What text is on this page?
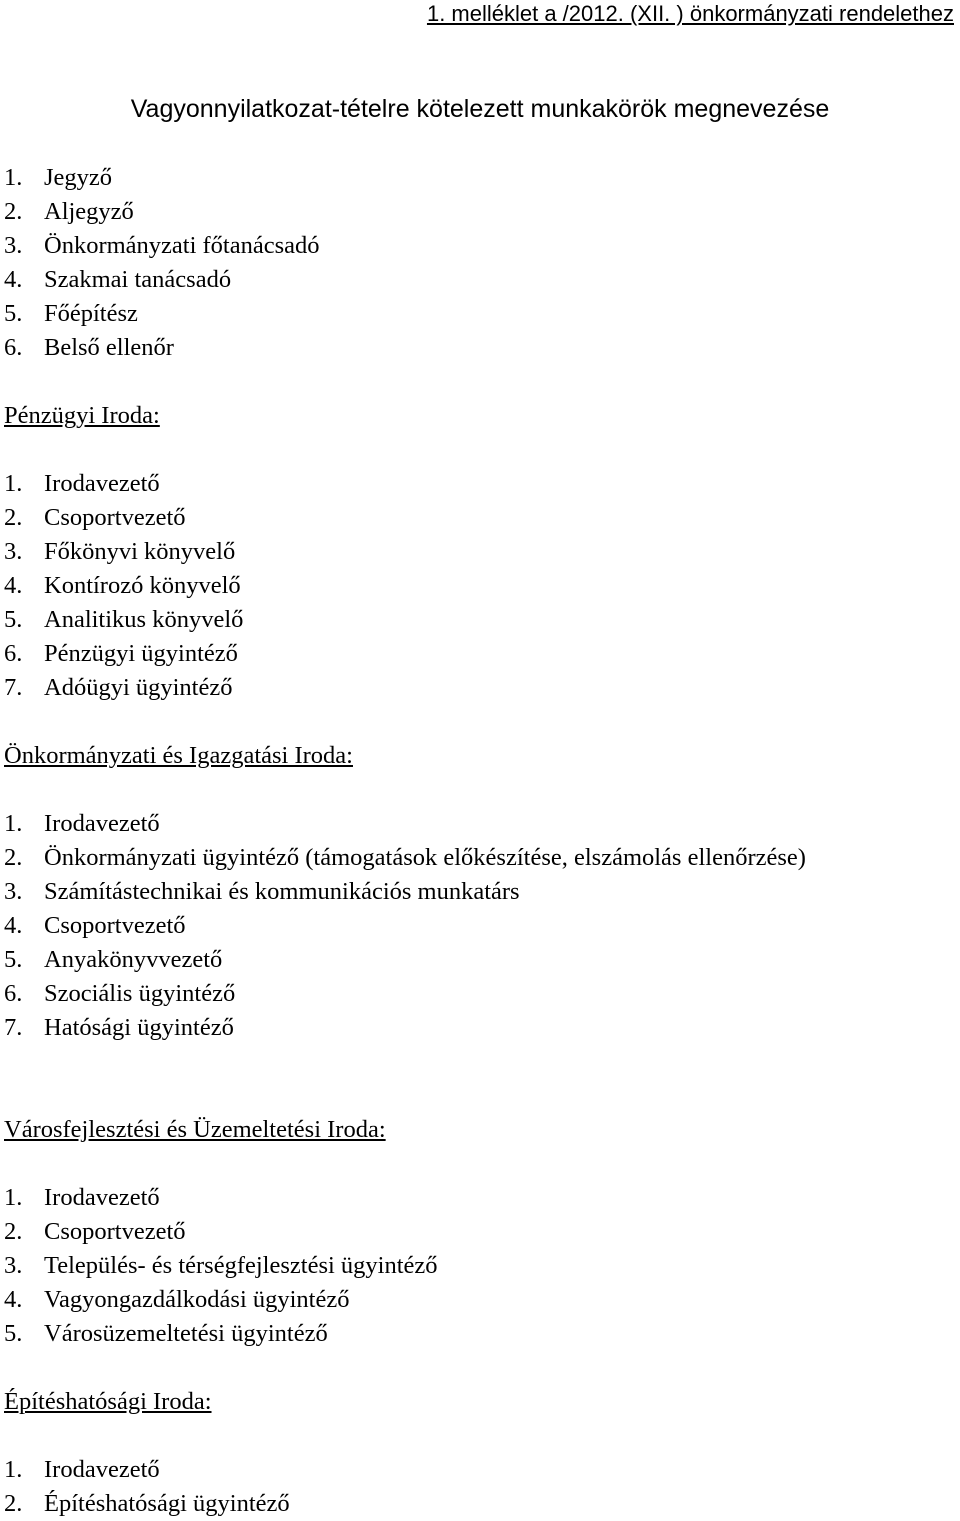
1. melléklet a /2012. (XII. ) önkormányzati rendelethez
Vagyonnyilatkozat-tételre kötelezett munkakörök megnevezése
1. Jegyző
2. Aljegyző
3. Önkormányzati főtanácsadó
4. Szakmai tanácsadó
5. Főépítész
6. Belső ellenőr

Pénzügyi Iroda:

1. Irodavezető
2. Csoportvezető
3. Főkönyvi könyvelő
4. Kontírozó könyvelő
5. Analitikus könyvelő
6. Pénzügyi ügyintéző
7. Adóügyi ügyintéző

Önkormányzati és Igazgatási Iroda:

1. Irodavezető
2. Önkormányzati ügyintéző (támogatások előkészítése, elszámolás ellenőrzése)
3. Számítástechnikai és kommunikációs munkatárs
4. Csoportvezető
5. Anyakönyvvezető
6. Szociális ügyintéző
7. Hatósági ügyintéző

Városfejlesztési és Üzemeltetési Iroda:

1. Irodavezető
2. Csoportvezető
3. Település- és térségfejlesztési ügyintéző
4. Vagyongazdálkodási ügyintéző
5. Városüzemeltetési ügyintéző

Építéshatósági Iroda:

1. Irodavezető
2. Építéshatósági ügyintéző
